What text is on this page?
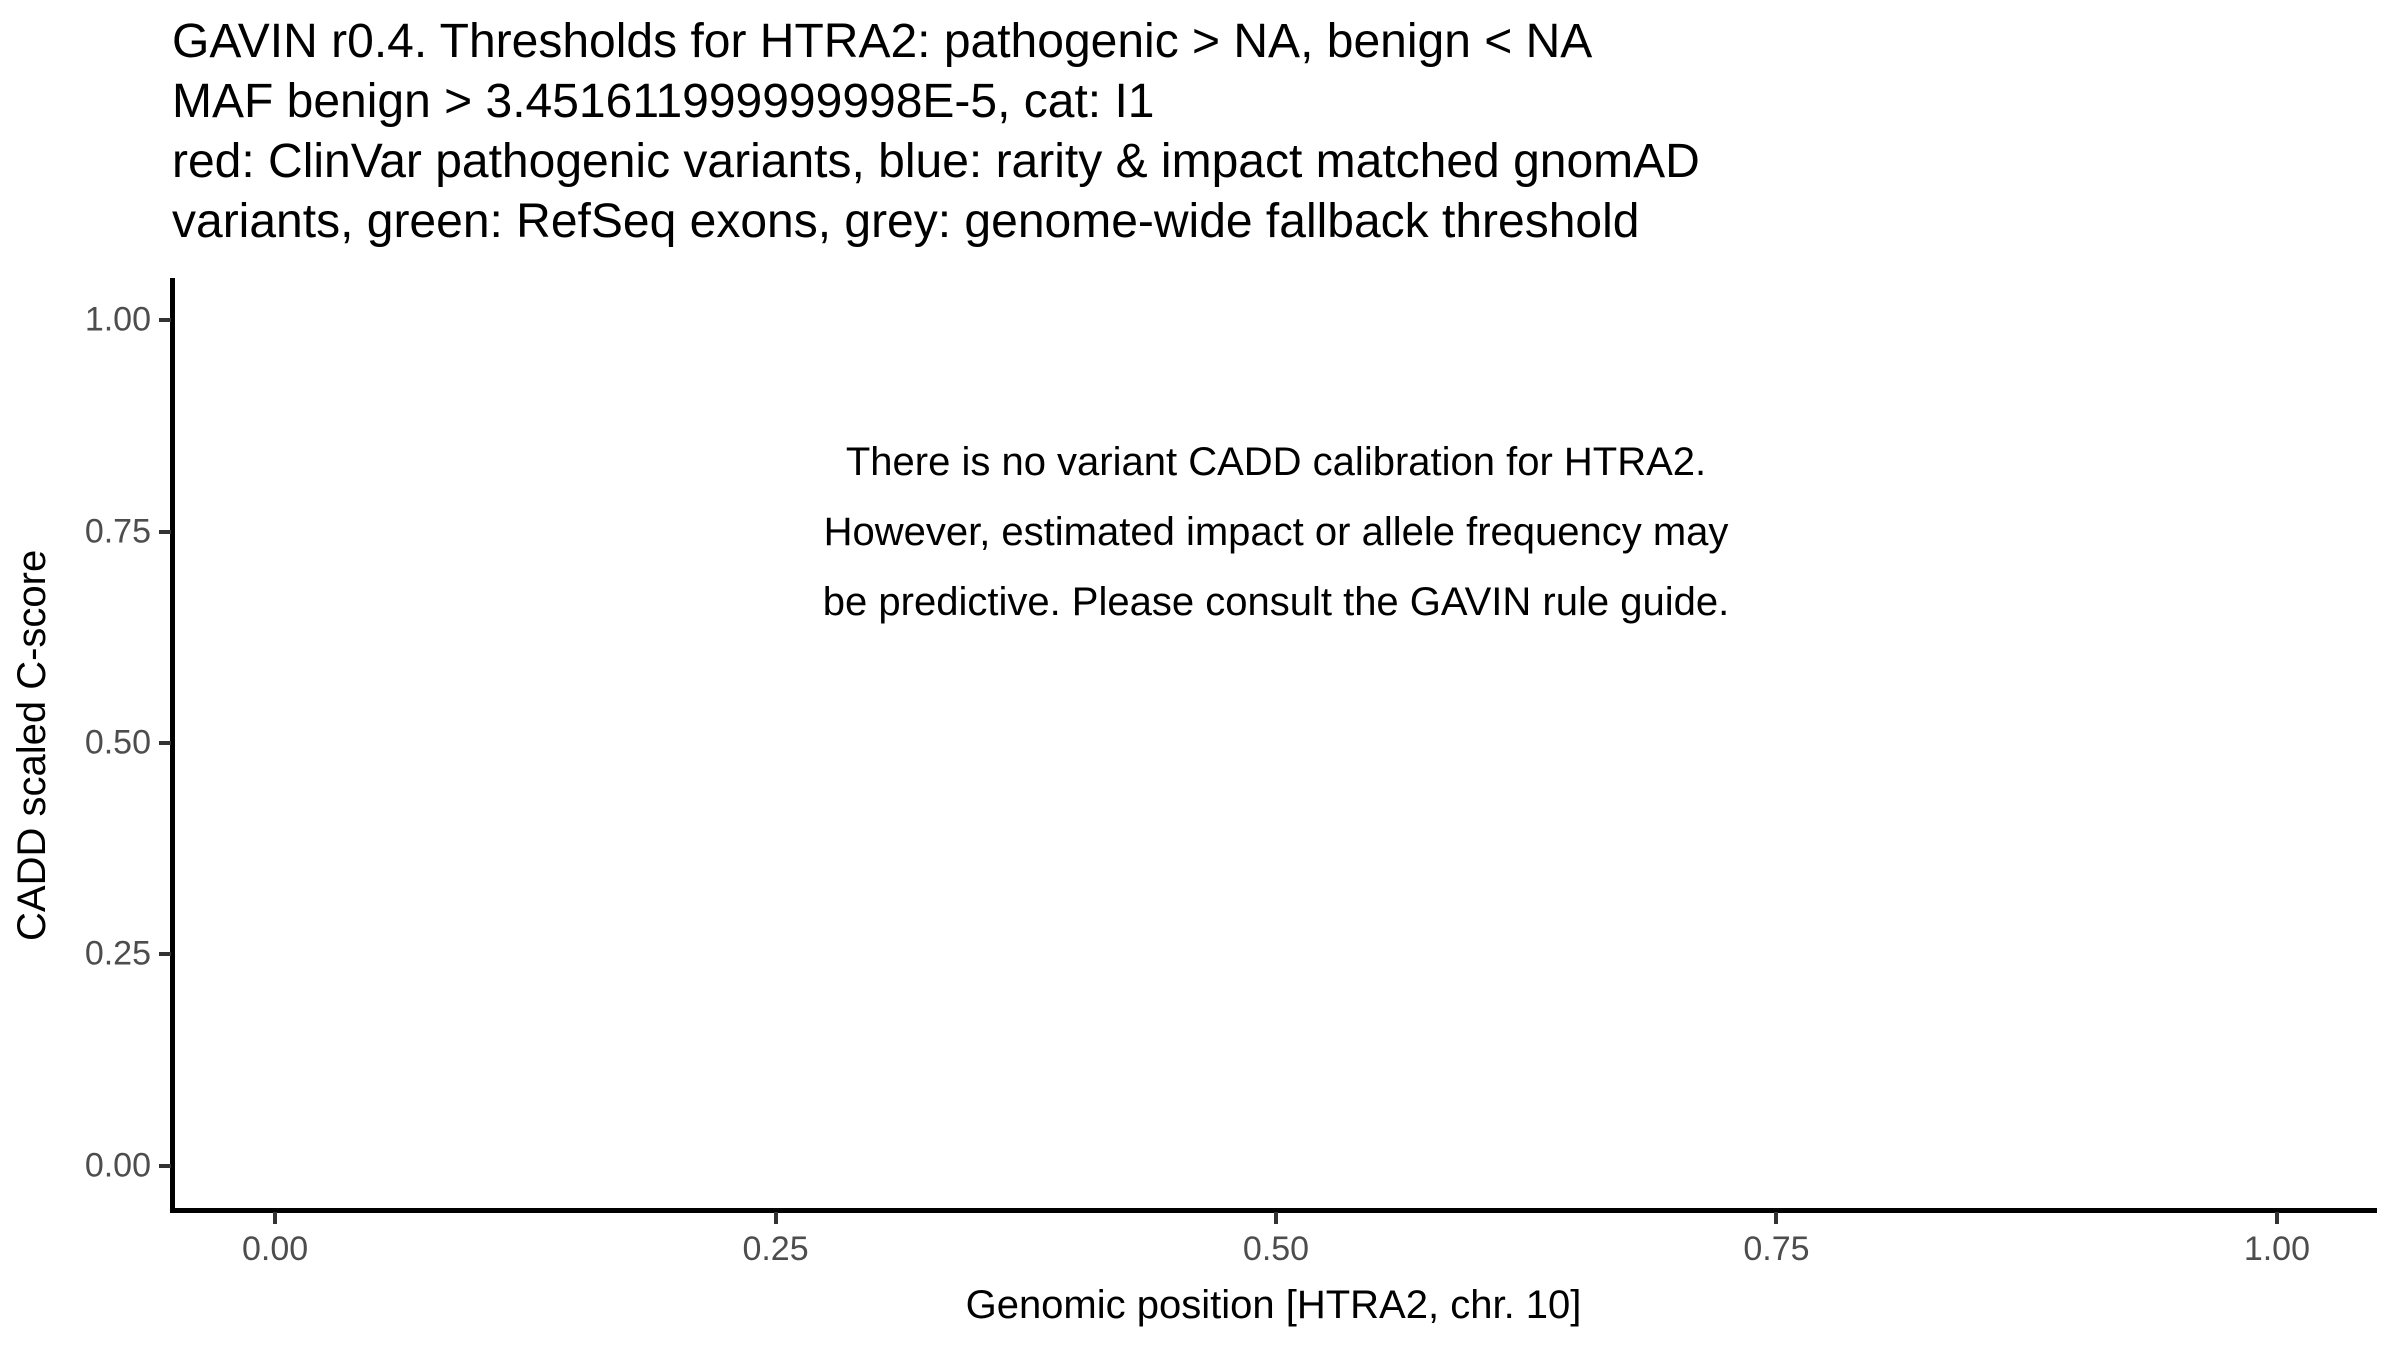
GAVIN r0.4. Thresholds for HTRA2: pathogenic > NA, benign < NA
MAF benign > 3.451611999999998E-5, cat: I1
red: ClinVar pathogenic variants, blue: rarity & impact matched gnomAD
variants, green: RefSeq exons, grey: genome-wide fallback threshold
CADD scaled C-score
1.00
0.75
0.50
0.25
0.00
0.00	0.25	0.50	0.75	1.00
There is no variant CADD calibration for HTRA2.
However, estimated impact or allele frequency may
be predictive. Please consult the GAVIN rule guide.
Genomic position [HTRA2, chr. 10]
